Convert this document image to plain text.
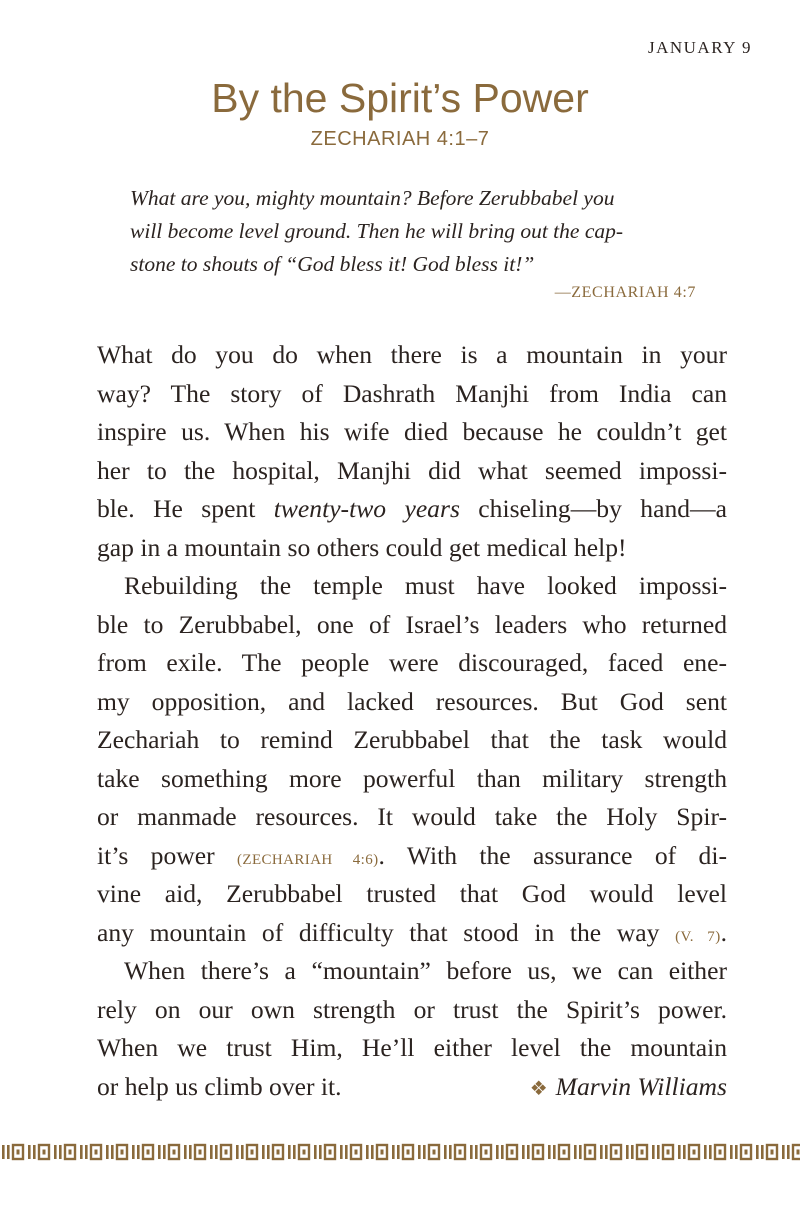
JANUARY 9
By the Spirit’s Power
ZECHARIAH 4:1–7
What are you, mighty mountain? Before Zerubbabel you
will become level ground. Then he will bring out the cap-
stone to shouts of “God bless it! God bless it!”
—ZECHARIAH 4:7
What do you do when there is a mountain in your
way? The story of Dashrath Manjhi from India can
inspire us. When his wife died because he couldn’t get
her to the hospital, Manjhi did what seemed impossi-
ble. He spent twenty-two years chiseling—by hand—a
gap in a mountain so others could get medical help!
Rebuilding the temple must have looked impossi-
ble to Zerubbabel, one of Israel’s leaders who returned
from exile. The people were discouraged, faced ene-
my opposition, and lacked resources. But God sent
Zechariah to remind Zerubbabel that the task would
take something more powerful than military strength
or manmade resources. It would take the Holy Spir-
it’s power (ZECHARIAH 4:6). With the assurance of di-
vine aid, Zerubbabel trusted that God would level
any mountain of difficulty that stood in the way (V. 7).
When there’s a “mountain” before us, we can either
rely on our own strength or trust the Spirit’s power.
When we trust Him, He’ll either level the mountain
or help us climb over it.	❖ Marvin Williams
